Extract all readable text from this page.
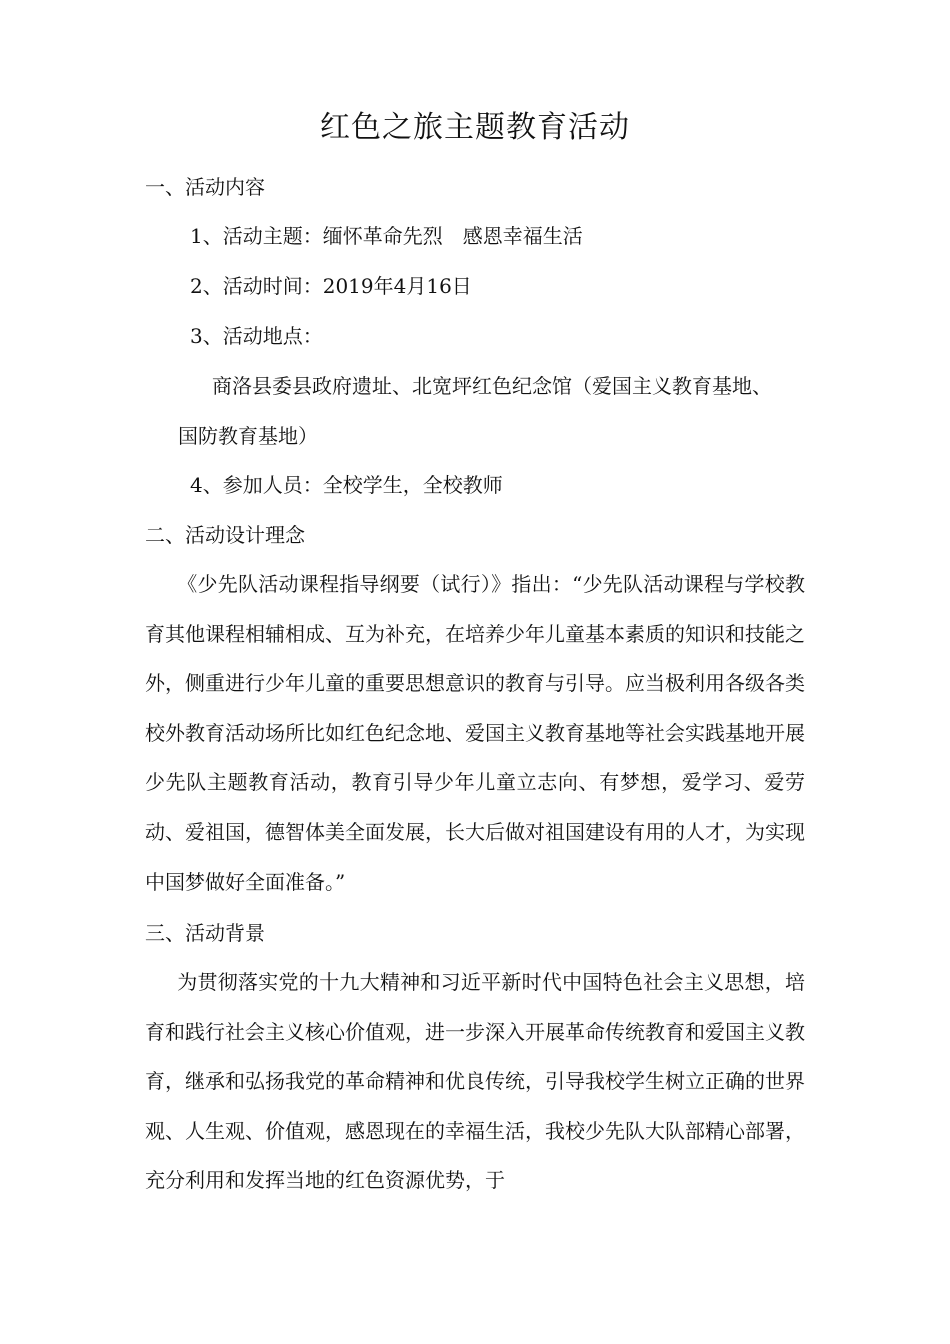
红色之旅主题教育活动
一、活动内容
1、活动主题：缅怀革命先烈　感恩幸福生活
2、活动时间：2019年4月16日
3、活动地点：
商洛县委县政府遗址、北宽坪红色纪念馆（爱国主义教育基地、
国防教育基地）
4、参加人员：全校学生，全校教师
二、活动设计理念

《少先队活动课程指导纲要（试行）》指出：“少先队活动课程与学校教育其他课程相辅相成、互为补充，在培养少年儿童基本素质的知识和技能之外，侧重进行少年儿童的重要思想意识的教育与引导。应当极利用各级各类校外教育活动场所比如红色纪念地、爱国主义教育基地等社会实践基地开展少先队主题教育活动，教育引导少年儿童立志向、有梦想，爱学习、爱劳动、爱祖国，德智体美全面发展，长大后做对祖国建设有用的人才，为实现中国梦做好全面准备。”

三、活动背景

为贯彻落实党的十九大精神和习近平新时代中国特色社会主义思想，培育和践行社会主义核心价值观，进一步深入开展革命传统教育和爱国主义教育，继承和弘扬我党的革命精神和优良传统，引导我校学生树立正确的世界观、人生观、价值观，感恩现在的幸福生活，我校少先队大队部精心部署，充分利用和发挥当地的红色资源优势，于
